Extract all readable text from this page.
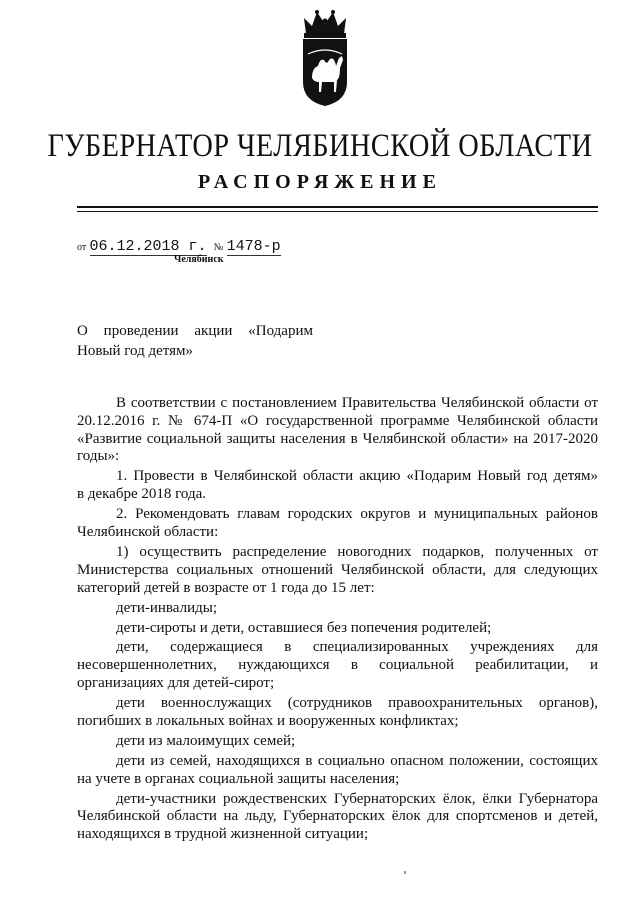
ГУБЕРНАТОР ЧЕЛЯБИНСКОЙ ОБЛАСТИ
РАСПОРЯЖЕНИЕ
от 06.12.2018 г. № 1478-р
Челябинск
О проведении акции «Подарим
Новый год детям»
В соответствии с постановлением Правительства Челябинской области от
20.12.2016 г. № 674-П «О государственной программе Челябинской области
«Развитие социальной защиты населения в Челябинской области» на 2017-2020
годы»:
1. Провести в Челябинской области акцию «Подарим Новый год детям»
в декабре 2018 года.
2. Рекомендовать главам городских округов и муниципальных районов
Челябинской области:
1) осуществить распределение новогодних подарков, полученных от
Министерства социальных отношений Челябинской области, для следующих
категорий детей в возрасте от 1 года до 15 лет:
дети-инвалиды;
дети-сироты и дети, оставшиеся без попечения родителей;
дети, содержащиеся в специализированных учреждениях для
несовершеннолетних, нуждающихся в социальной реабилитации, и
организациях для детей-сирот;
дети военнослужащих (сотрудников правоохранительных органов),
погибших в локальных войнах и вооруженных конфликтах;
дети из малоимущих семей;
дети из семей, находящихся в социально опасном положении, состоящих
на учете в органах социальной защиты населения;
дети-участники рождественских Губернаторских ёлок, ёлки Губернатора
Челябинской области на льду, Губернаторских ёлок для спортсменов и детей,
находящихся в трудной жизненной ситуации;
